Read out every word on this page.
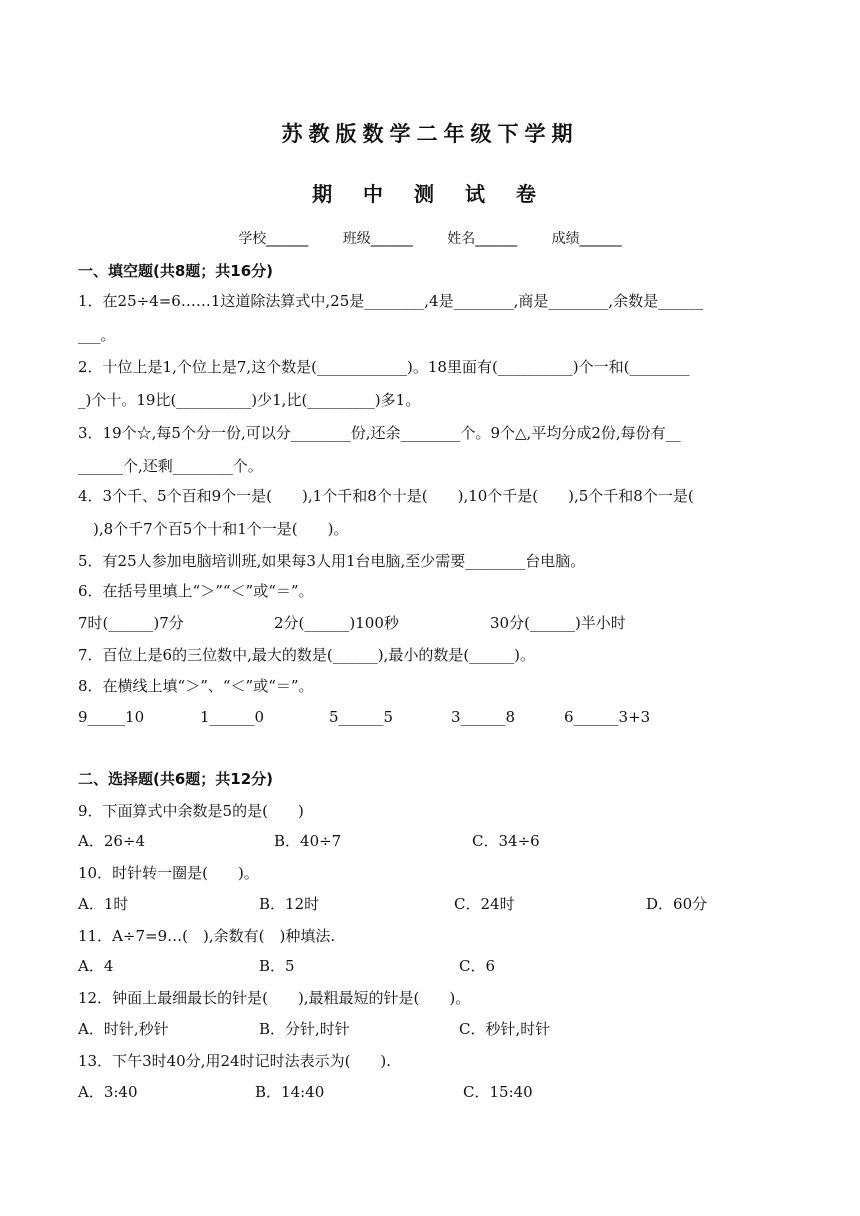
苏教版数学二年级下学期
期 中 测 试 卷
学校______ 班级______ 姓名______ 成绩______
一、填空题(共8题；共16分)
1．在25÷4=6……1这道除法算式中,25是________,4是________,商是________,余数是______
___。
2．十位上是1,个位上是7,这个数是(____________)。18里面有(__________)个一和(________
_)个十。19比(__________)少1,比(_________)多1。
3．19个☆,每5个分一份,可以分________份,还余________个。9个△,平均分成2份,每份有__
______个,还剩________个。
4．3个千、5个百和9个一是(　　),1个千和8个十是(　　),10个千是(　　),5个千和8个一是(
　),8个千7个百5个十和1个一是(　　)。
5．有25人参加电脑培训班,如果每3人用1台电脑,至少需要________台电脑。
6．在括号里填上“＞”“＜”或“＝”。
7时(______)7分	2分(______)100秒	30分(______)半小时
7．百位上是6的三位数中,最大的数是(______),最小的数是(______)。
8．在横线上填“＞”、“＜”或“＝”。
9_____10	1______0	5______5	3______8	6______3+3
二、选择题(共6题；共12分)
9．下面算式中余数是5的是(　　)
A．26÷4	B．40÷7	C．34÷6
10．时针转一圈是(　　)。
A．1时	B．12时	C．24时	D．60分
11．A÷7=9…(　),余数有(　)种填法.
A．4	B．5	C．6
12．钟面上最细最长的针是(　　),最粗最短的针是(　　)。
A．时针,秒针	B．分针,时针	C．秒针,时针
13．下午3时40分,用24时记时法表示为(　　).
A．3:40	B．14:40	C．15:40
